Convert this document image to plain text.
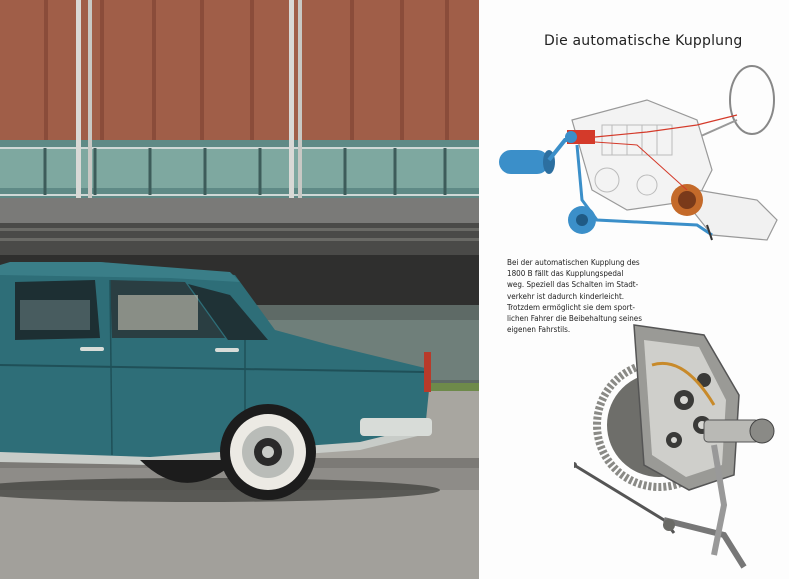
Die automatische Kupplung
Bei der automatischen Kupplung des
1800 B fällt das Kupplungspedal
weg. Speziell das Schalten im Stadt-
verkehr ist dadurch kinderleicht.
Trotzdem ermöglicht sie dem sport-
lichen Fahrer die Beibehaltung seines
eigenen Fahrstils.
